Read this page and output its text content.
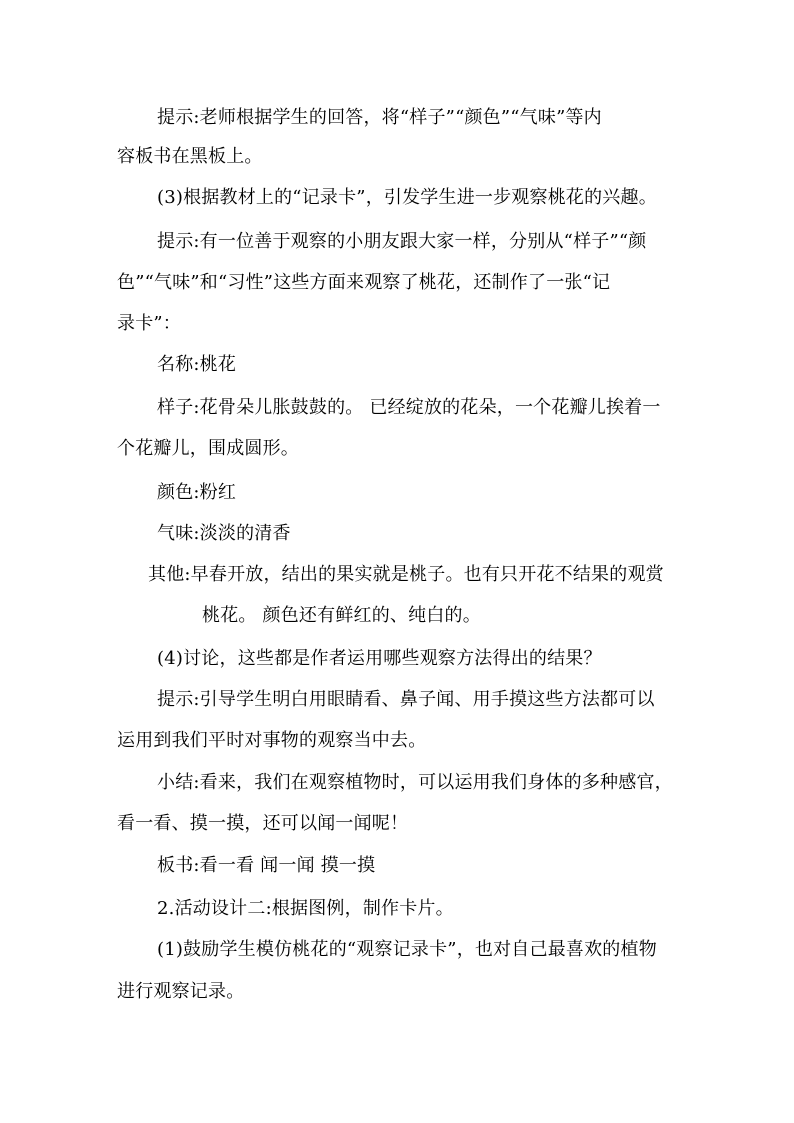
提示:老师根据学生的回答，将“样子”“颜色”“气味”等内
容板书在黑板上。
(3)根据教材上的“记录卡”，引发学生进一步观察桃花的兴趣。
提示:有一位善于观察的小朋友跟大家一样，分别从“样子”“颜
色”“气味”和“习性”这些方面来观察了桃花，还制作了一张“记
录卡”：
名称:桃花
样子:花骨朵儿胀鼓鼓的。 已经绽放的花朵，一个花瓣儿挨着一
个花瓣儿，围成圆形。
颜色:粉红
气味:淡淡的清香
其他:早春开放，结出的果实就是桃子。也有只开花不结果的观赏
桃花。 颜色还有鲜红的、纯白的。
(4)讨论，这些都是作者运用哪些观察方法得出的结果？
提示:引导学生明白用眼睛看、鼻子闻、用手摸这些方法都可以
运用到我们平时对事物的观察当中去。
小结:看来，我们在观察植物时，可以运用我们身体的多种感官，
看一看、摸一摸，还可以闻一闻呢！
板书:看一看 闻一闻 摸一摸
2.活动设计二:根据图例，制作卡片。
(1)鼓励学生模仿桃花的“观察记录卡”，也对自己最喜欢的植物
进行观察记录。
